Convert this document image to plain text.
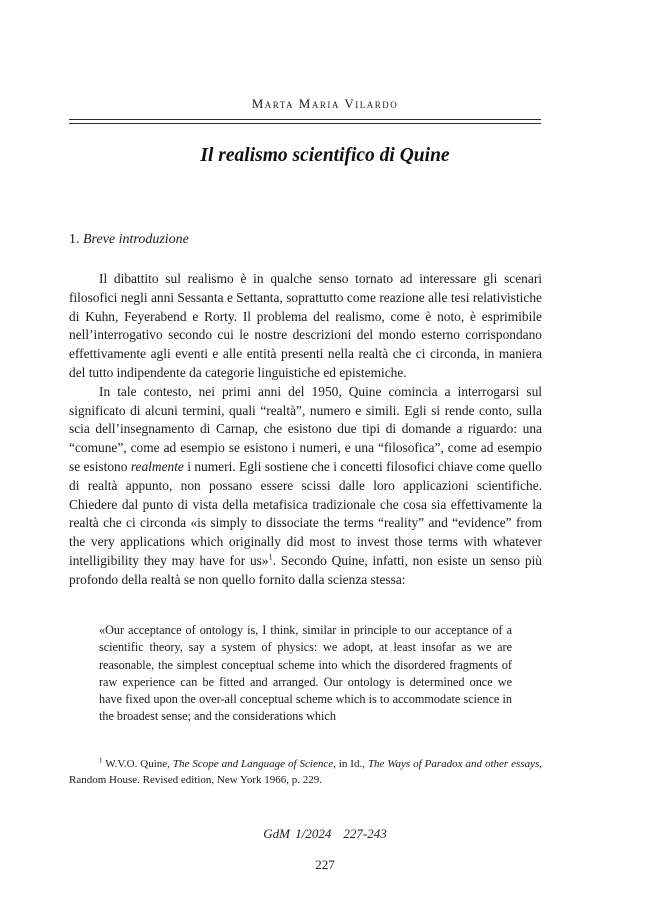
Marta Maria Vilardo
Il realismo scientifico di Quine
1. Breve introduzione

Il dibattito sul realismo è in qualche senso tornato ad interessare gli scenari filosofici negli anni Sessanta e Settanta, soprattutto come reazione alle tesi relativistiche di Kuhn, Feyerabend e Rorty. Il problema del realismo, come è noto, è esprimibile nell’interrogativo secondo cui le nostre descrizioni del mondo esterno corrispondano effettivamente agli eventi e alle entità presenti nella realtà che ci circonda, in maniera del tutto indipendente da categorie linguistiche ed epistemiche.

In tale contesto, nei primi anni del 1950, Quine comincia a interrogarsi sul significato di alcuni termini, quali “realtà”, numero e simili. Egli si rende conto, sulla scia dell’insegnamento di Carnap, che esistono due tipi di domande a riguardo: una “comune”, come ad esempio se esistono i numeri, e una “filosofica”, come ad esempio se esistono realmente i numeri. Egli sostiene che i concetti filosofici chiave come quello di realtà appunto, non possano essere scissi dalle loro applicazioni scientifiche. Chiedere dal punto di vista della metafisica tradizionale che cosa sia effettivamente la realtà che ci circonda «is simply to dissociate the terms “reality” and “evidence” from the very applications which originally did most to invest those terms with whatever intelligibility they may have for us»$^1$. Secondo Quine, infatti, non esiste un senso più profondo della realtà se non quello fornito dalla scienza stessa:

«Our acceptance of ontology is, I think, similar in principle to our acceptance of a scientific theory, say a system of physics: we adopt, at least insofar as we are reasonable, the simplest conceptual scheme into which the disordered fragments of raw experience can be fitted and arranged. Our ontology is determined once we have fixed upon the over-all conceptual scheme which is to accommodate science in the broadest sense; and the considerations which

$^1$ W.V.O. Quine, The Scope and Language of Science, in Id., The Ways of Paradox and other essays, Random House. Revised edition, New York 1966, p. 229.

GdM 1/2024 227-243
227
